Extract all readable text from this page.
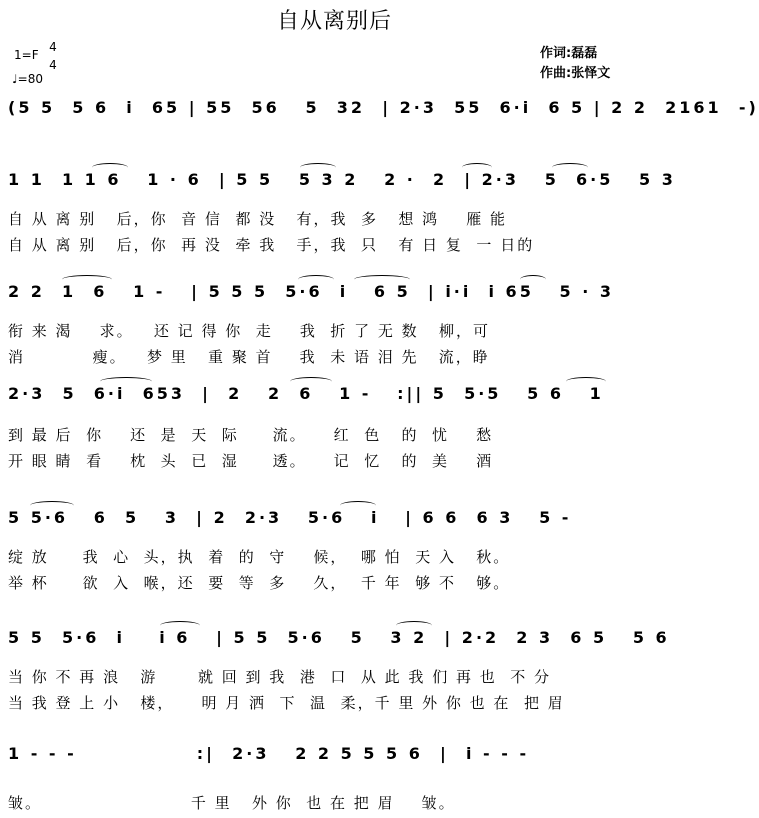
自从离别后
1=F
4
4
♩=80
作词:磊磊
作曲:张怿文
(5 5  5 6  i  65 | 55  56   5  32  | 2·3  55  6·i  6 5 | 2 2  2161  -)
1 1  1 1 6   1 · 6  | 5 5   5 3 2   2 ·  2  | 2·3   5  6·5   5 3
自 从 离 别   后，你  音 信  都 没   有，我  多   想 鸿    雁 能
自 从 离 别   后，你  再 没  牵 我   手，我  只   有 日 复  一 日的
2 2  1  6   1 -   | 5 5 5  5·6  i   6 5  | i·i  i 65   5 · 3
衔 来 渴    求。   还 记 得 你  走    我  折 了 无 数   柳，可
消          瘦。   梦 里   重 聚 首    我  未 语 泪 先   流，睁
2·3  5  6·i  653  |  2   2  6   1 -   :|| 5  5·5   5 6   1
到 最 后  你    还  是  天  际     流。    红  色   的  忧    愁
开 眼 睛  看    枕  头  已  湿     透。    记  忆   的  美    酒
5 5·6   6  5   3  | 2  2·3   5·6   i   | 6 6  6 3   5 -
绽 放     我  心  头，执  着  的  守    候，  哪 怕  天 入   秋。
举 杯     欲  入  喉，还  要  等  多    久，  千 年  够 不   够。
5 5  5·6  i    i 6   | 5 5  5·6   5   3 2  | 2·2  2 3  6 5   5 6
当 你 不 再 浪   游      就 回 到 我  港  口  从 此 我 们 再 也  不 分
当 我 登 上 小   楼，    明 月 洒  下  温  柔，千 里 外 你 也 在  把 眉
1 - - -              :|  2·3   2 2 5 5 5 6  |  i - - -
皱。                      千 里   外 你  也 在 把 眉    皱。
